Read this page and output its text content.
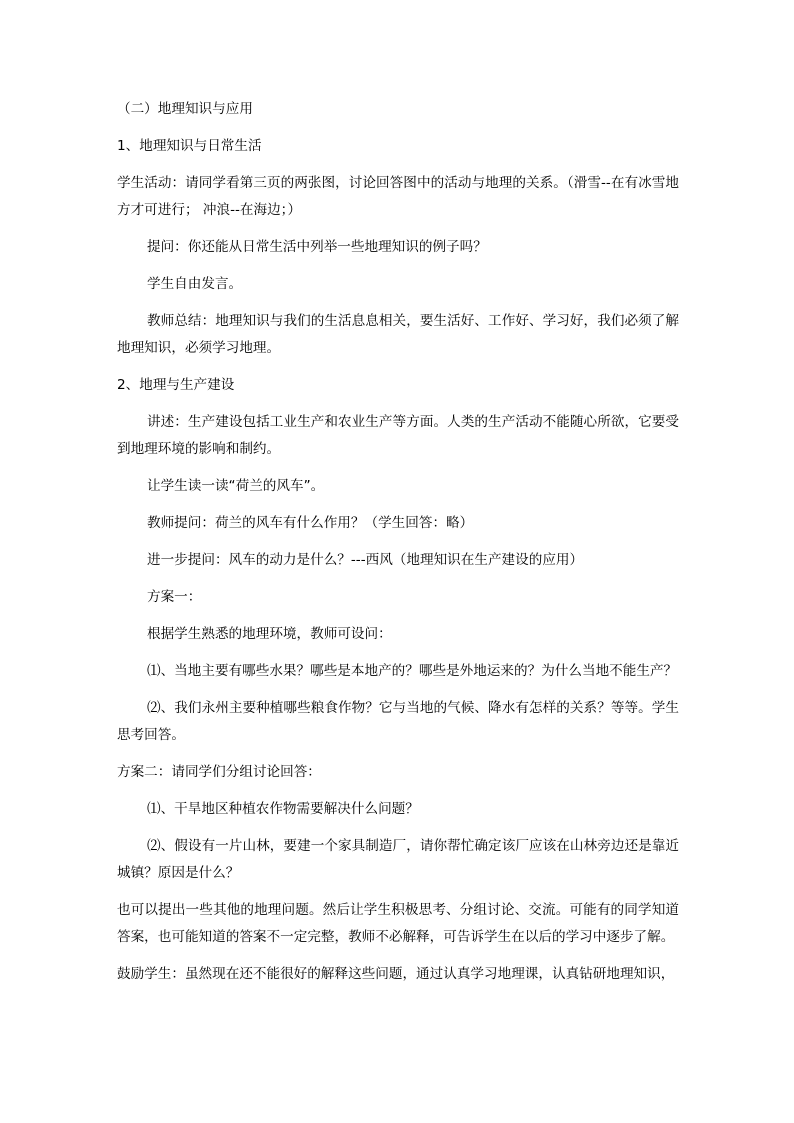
（二）地理知识与应用

1、地理知识与日常生活

学生活动：请同学看第三页的两张图，讨论回答图中的活动与地理的关系。（滑雪--在有冰雪地方才可进行； 冲浪--在海边；）

提问：你还能从日常生活中列举一些地理知识的例子吗？

学生自由发言。

教师总结：地理知识与我们的生活息息相关，要生活好、工作好、学习好，我们必须了解地理知识，必须学习地理。

2、地理与生产建设

讲述：生产建设包括工业生产和农业生产等方面。人类的生产活动不能随心所欲，它要受到地理环境的影响和制约。

让学生读一读“荷兰的风车”。

教师提问：荷兰的风车有什么作用？（学生回答：略）

进一步提问：风车的动力是什么？---西风（地理知识在生产建设的应用）

方案一：

根据学生熟悉的地理环境，教师可设问：

⑴、当地主要有哪些水果？哪些是本地产的？哪些是外地运来的？为什么当地不能生产？

⑵、我们永州主要种植哪些粮食作物？它与当地的气候、降水有怎样的关系？等等。学生思考回答。

方案二：请同学们分组讨论回答：

⑴、干旱地区种植农作物需要解决什么问题？

⑵、假设有一片山林，要建一个家具制造厂，请你帮忙确定该厂应该在山林旁边还是靠近城镇？原因是什么？

也可以提出一些其他的地理问题。然后让学生积极思考、分组讨论、交流。可能有的同学知道答案，也可能知道的答案不一定完整，教师不必解释，可告诉学生在以后的学习中逐步了解。

鼓励学生：虽然现在还不能很好的解释这些问题，通过认真学习地理课，认真钻研地理知识，
